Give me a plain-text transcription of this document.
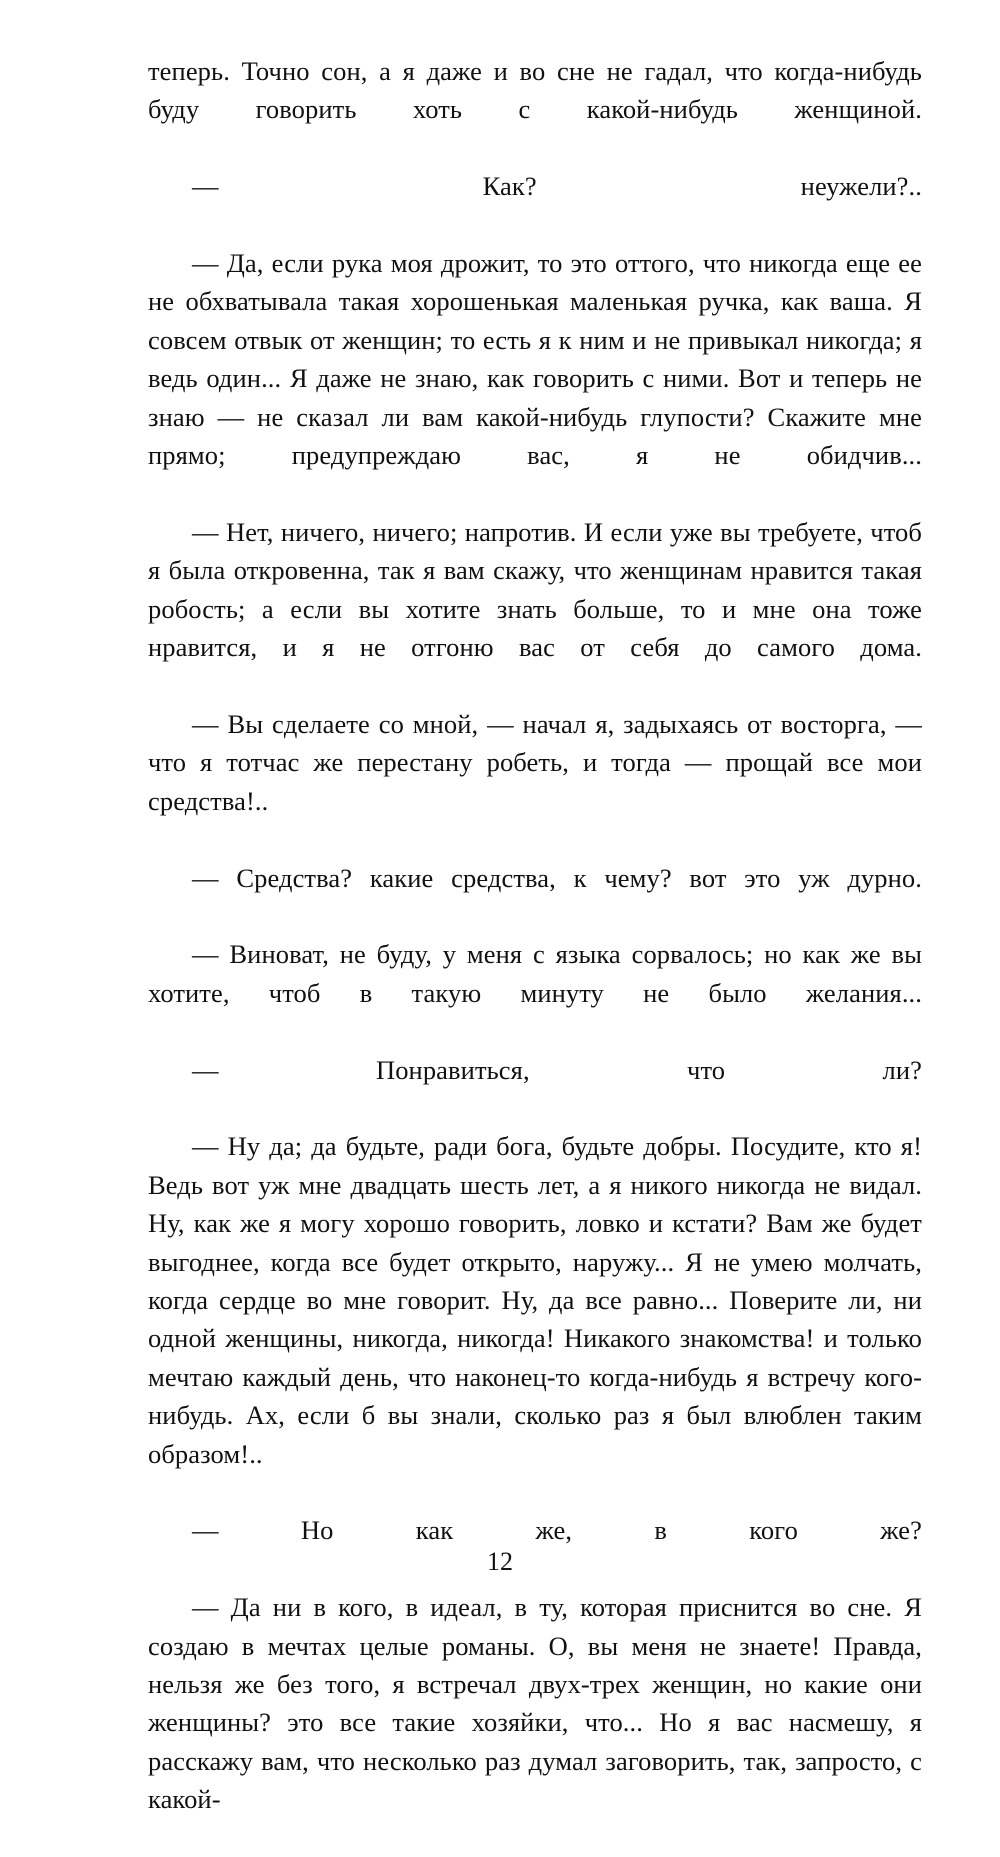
теперь. Точно сон, а я даже и во сне не гадал, что когда-нибудь буду говорить хоть с какой-нибудь женщиной.

— Как? неужели?..

— Да, если рука моя дрожит, то это оттого, что никогда еще ее не обхватывала такая хорошенькая маленькая ручка, как ваша. Я совсем отвык от женщин; то есть я к ним и не привыкал никогда; я ведь один... Я даже не знаю, как говорить с ними. Вот и теперь не знаю — не сказал ли вам какой-нибудь глупости? Скажите мне прямо; предупреждаю вас, я не обидчив...

— Нет, ничего, ничего; напротив. И если уже вы требуете, чтоб я была откровенна, так я вам скажу, что женщинам нравится такая робость; а если вы хотите знать больше, то и мне она тоже нравится, и я не отгоню вас от себя до самого дома.

— Вы сделаете со мной, — начал я, задыхаясь от восторга, — что я тотчас же перестану робеть, и тогда — прощай все мои средства!..

— Средства? какие средства, к чему? вот это уж дурно.

— Виноват, не буду, у меня с языка сорвалось; но как же вы хотите, чтоб в такую минуту не было желания...

— Понравиться, что ли?

— Ну да; да будьте, ради бога, будьте добры. Посудите, кто я! Ведь вот уж мне двадцать шесть лет, а я никого никогда не видал. Ну, как же я могу хорошо говорить, ловко и кстати? Вам же будет выгоднее, когда все будет открыто, наружу... Я не умею молчать, когда сердце во мне говорит. Ну, да все равно... Поверите ли, ни одной женщины, никогда, никогда! Никакого знакомства! и только мечтаю каждый день, что наконец-то когда-нибудь я встречу кого-нибудь. Ах, если б вы знали, сколько раз я был влюблен таким образом!..

— Но как же, в кого же?

— Да ни в кого, в идеал, в ту, которая приснится во сне. Я создаю в мечтах целые романы. О, вы меня не знаете! Правда, нельзя же без того, я встречал двух-трех женщин, но какие они женщины? это все такие хозяйки, что... Но я вас насмешу, я расскажу вам, что несколько раз думал заговорить, так, запросто, с какой-

12
